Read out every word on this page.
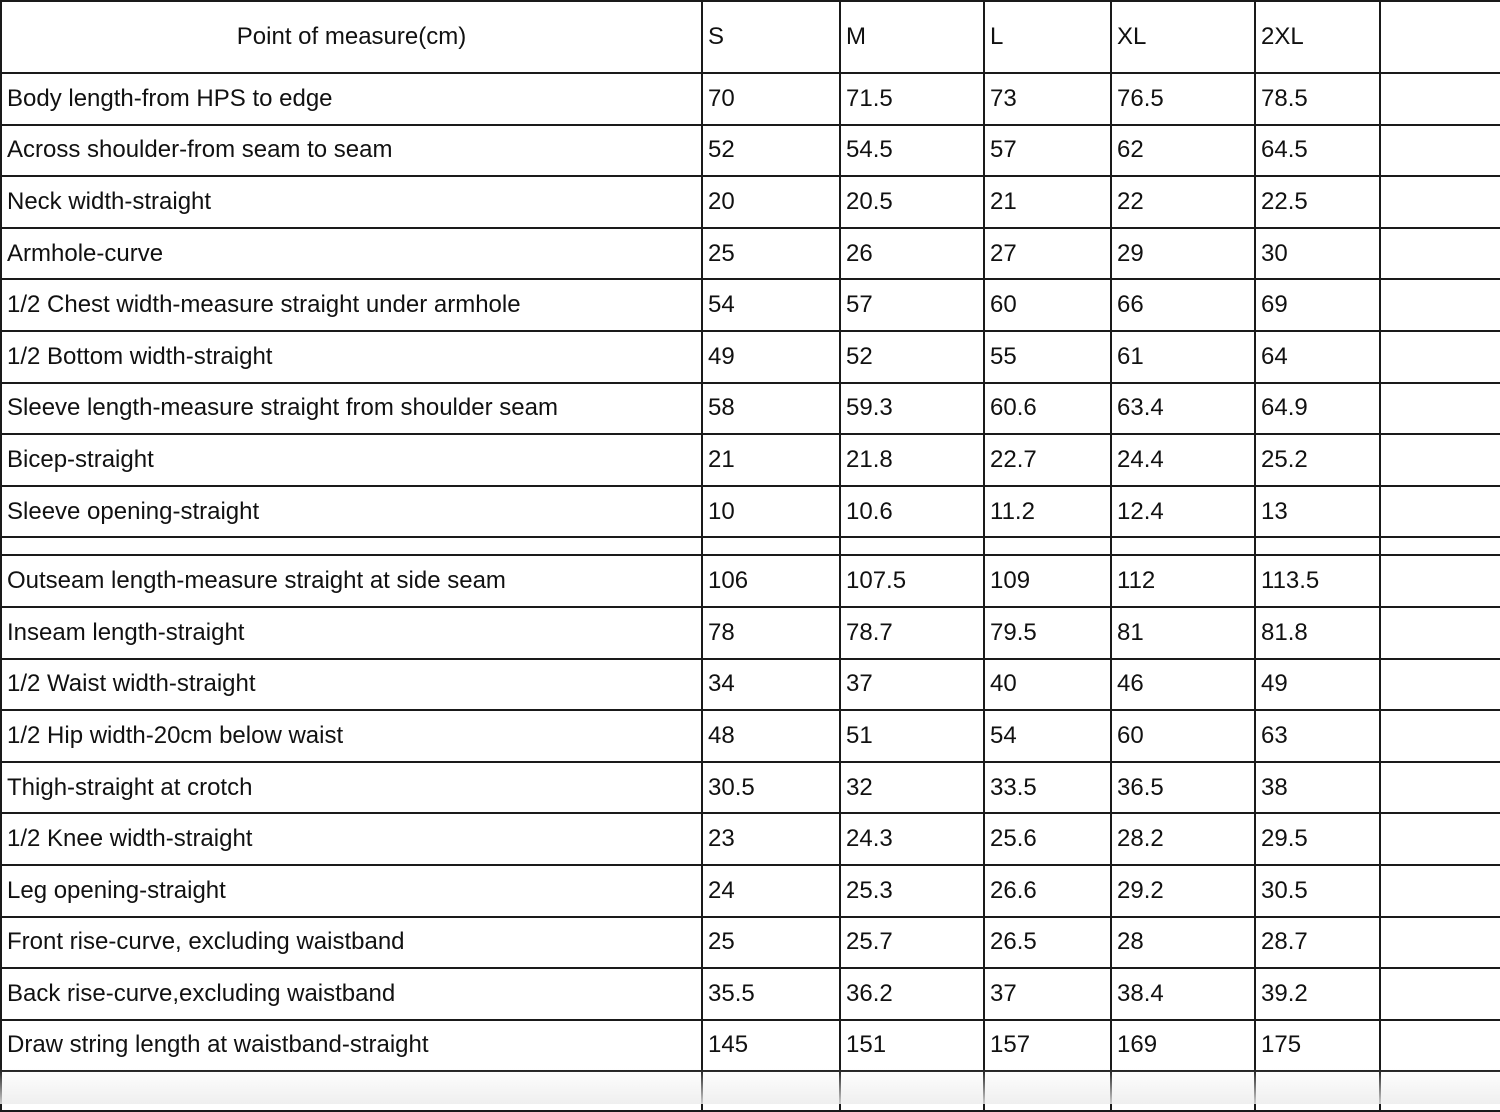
Point of measure(cm)	S	M	L	XL	2XL	
Body length-from HPS to edge	70	71.5	73	76.5	78.5	
Across shoulder-from seam to seam	52	54.5	57	62	64.5	
Neck width-straight	20	20.5	21	22	22.5	
Armhole-curve	25	26	27	29	30	
1/2 Chest width-measure straight under armhole	54	57	60	66	69	
1/2 Bottom width-straight	49	52	55	61	64	
Sleeve length-measure straight from shoulder seam	58	59.3	60.6	63.4	64.9	
Bicep-straight	21	21.8	22.7	24.4	25.2	
Sleeve opening-straight	10	10.6	11.2	12.4	13	

Outseam length-measure straight at side seam	106	107.5	109	112	113.5	
Inseam length-straight	78	78.7	79.5	81	81.8	
1/2 Waist width-straight	34	37	40	46	49	
1/2 Hip width-20cm below waist	48	51	54	60	63	
Thigh-straight at crotch	30.5	32	33.5	36.5	38	
1/2 Knee width-straight	23	24.3	25.6	28.2	29.5	
Leg opening-straight	24	25.3	26.6	29.2	30.5	
Front rise-curve, excluding waistband	25	25.7	26.5	28	28.7	
Back rise-curve,excluding waistband	35.5	36.2	37	38.4	39.2	
Draw string length at waistband-straight	145	151	157	169	175	
